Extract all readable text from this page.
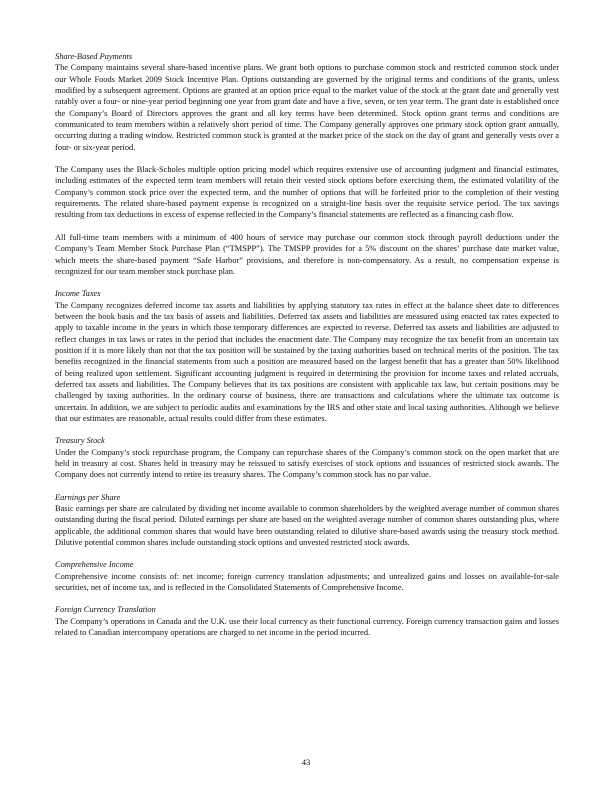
Share-Based Payments

The Company maintains several share-based incentive plans. We grant both options to purchase common stock and restricted common stock under our Whole Foods Market 2009 Stock Incentive Plan. Options outstanding are governed by the original terms and conditions of the grants, unless modified by a subsequent agreement. Options are granted at an option price equal to the market value of the stock at the grant date and generally vest ratably over a four- or nine-year period beginning one year from grant date and have a five, seven, or ten year term. The grant date is established once the Company’s Board of Directors approves the grant and all key terms have been determined. Stock option grant terms and conditions are communicated to team members within a relatively short period of time. The Company generally approves one primary stock option grant annually, occurring during a trading window. Restricted common stock is granted at the market price of the stock on the day of grant and generally vests over a four- or six-year period.

The Company uses the Black-Scholes multiple option pricing model which requires extensive use of accounting judgment and financial estimates, including estimates of the expected term team members will retain their vested stock options before exercising them, the estimated volatility of the Company’s common stock price over the expected term, and the number of options that will be forfeited prior to the completion of their vesting requirements. The related share-based payment expense is recognized on a straight-line basis over the requisite service period. The tax savings resulting from tax deductions in excess of expense reflected in the Company’s financial statements are reflected as a financing cash flow.

All full-time team members with a minimum of 400 hours of service may purchase our common stock through payroll deductions under the Company’s Team Member Stock Purchase Plan (“TMSPP”). The TMSPP provides for a 5% discount on the shares’ purchase date market value, which meets the share-based payment “Safe Harbor” provisions, and therefore is non-compensatory. As a result, no compensation expense is recognized for our team member stock purchase plan.

Income Taxes

The Company recognizes deferred income tax assets and liabilities by applying statutory tax rates in effect at the balance sheet date to differences between the book basis and the tax basis of assets and liabilities. Deferred tax assets and liabilities are measured using enacted tax rates expected to apply to taxable income in the years in which those temporary differences are expected to reverse. Deferred tax assets and liabilities are adjusted to reflect changes in tax laws or rates in the period that includes the enactment date. The Company may recognize the tax benefit from an uncertain tax position if it is more likely than not that the tax position will be sustained by the taxing authorities based on technical merits of the position. The tax benefits recognized in the financial statements from such a position are measured based on the largest benefit that has a greater than 50% likelihood of being realized upon settlement. Significant accounting judgment is required in determining the provision for income taxes and related accruals, deferred tax assets and liabilities. The Company believes that its tax positions are consistent with applicable tax law, but certain positions may be challenged by taxing authorities. In the ordinary course of business, there are transactions and calculations where the ultimate tax outcome is uncertain. In addition, we are subject to periodic audits and examinations by the IRS and other state and local taxing authorities. Although we believe that our estimates are reasonable, actual results could differ from these estimates.

Treasury Stock

Under the Company’s stock repurchase program, the Company can repurchase shares of the Company’s common stock on the open market that are held in treasury at cost. Shares held in treasury may be reissued to satisfy exercises of stock options and issuances of restricted stock awards. The Company does not currently intend to retire its treasury shares. The Company’s common stock has no par value.

Earnings per Share

Basic earnings per share are calculated by dividing net income available to common shareholders by the weighted average number of common shares outstanding during the fiscal period. Diluted earnings per share are based on the weighted average number of common shares outstanding plus, where applicable, the additional common shares that would have been outstanding related to dilutive share-based awards using the treasury stock method. Dilutive potential common shares include outstanding stock options and unvested restricted stock awards.

Comprehensive Income

Comprehensive income consists of: net income; foreign currency translation adjustments; and unrealized gains and losses on available-for-sale securities, net of income tax, and is reflected in the Consolidated Statements of Comprehensive Income.

Foreign Currency Translation

The Company’s operations in Canada and the U.K. use their local currency as their functional currency. Foreign currency transaction gains and losses related to Canadian intercompany operations are charged to net income in the period incurred.

43
